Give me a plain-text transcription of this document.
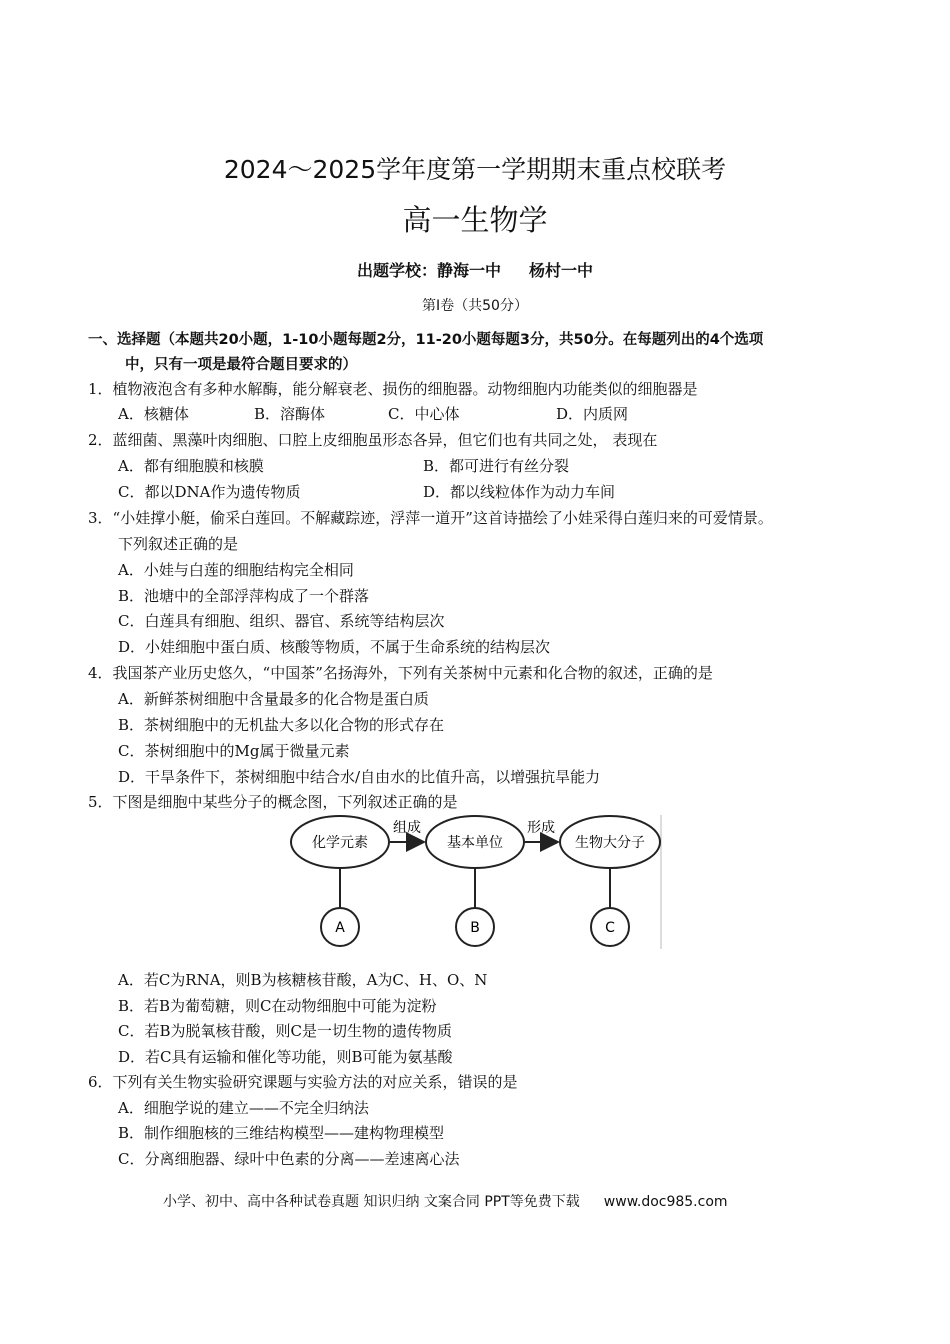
2024～2025学年度第一学期期末重点校联考
高一生物学
出题学校：静海一中 杨村一中
第Ⅰ卷（共50分）
一、选择题（本题共20小题，1-10小题每题2分，11-20小题每题3分，共50分。在每题列出的4个选项
中，只有一项是最符合题目要求的）
1．植物液泡含有多种水解酶，能分解衰老、损伤的细胞器。动物细胞内功能类似的细胞器是
A．核糖体	B．溶酶体	C．中心体	D．内质网
2．蓝细菌、黑藻叶肉细胞、口腔上皮细胞虽形态各异，但它们也有共同之处， 表现在
A．都有细胞膜和核膜	B．都可进行有丝分裂
C．都以DNA作为遗传物质	D．都以线粒体作为动力车间
3．“小娃撑小艇，偷采白莲回。不解藏踪迹，浮萍一道开”这首诗描绘了小娃采得白莲归来的可爱情景。
下列叙述正确的是
A．小娃与白莲的细胞结构完全相同
B．池塘中的全部浮萍构成了一个群落
C．白莲具有细胞、组织、器官、系统等结构层次
D．小娃细胞中蛋白质、核酸等物质，不属于生命系统的结构层次
4．我国茶产业历史悠久，“中国茶”名扬海外，下列有关茶树中元素和化合物的叙述，正确的是
A．新鲜茶树细胞中含量最多的化合物是蛋白质
B．茶树细胞中的无机盐大多以化合物的形式存在
C．茶树细胞中的Mg属于微量元素
D．干旱条件下，茶树细胞中结合水/自由水的比值升高，以增强抗旱能力
5．下图是细胞中某些分子的概念图，下列叙述正确的是
化学元素	基本单位	生物大分子
组成	形成
A	B	C
A．若C为RNA，则B为核糖核苷酸，A为C、H、O、N
B．若B为葡萄糖，则C在动物细胞中可能为淀粉
C．若B为脱氧核苷酸，则C是一切生物的遗传物质
D．若C具有运输和催化等功能，则B可能为氨基酸
6．下列有关生物实验研究课题与实验方法的对应关系，错误的是
A．细胞学说的建立——不完全归纳法
B．制作细胞核的三维结构模型——建构物理模型
C．分离细胞器、绿叶中色素的分离——差速离心法
小学、初中、高中各种试卷真题 知识归纳 文案合同 PPT等免费下载 www.doc985.com
